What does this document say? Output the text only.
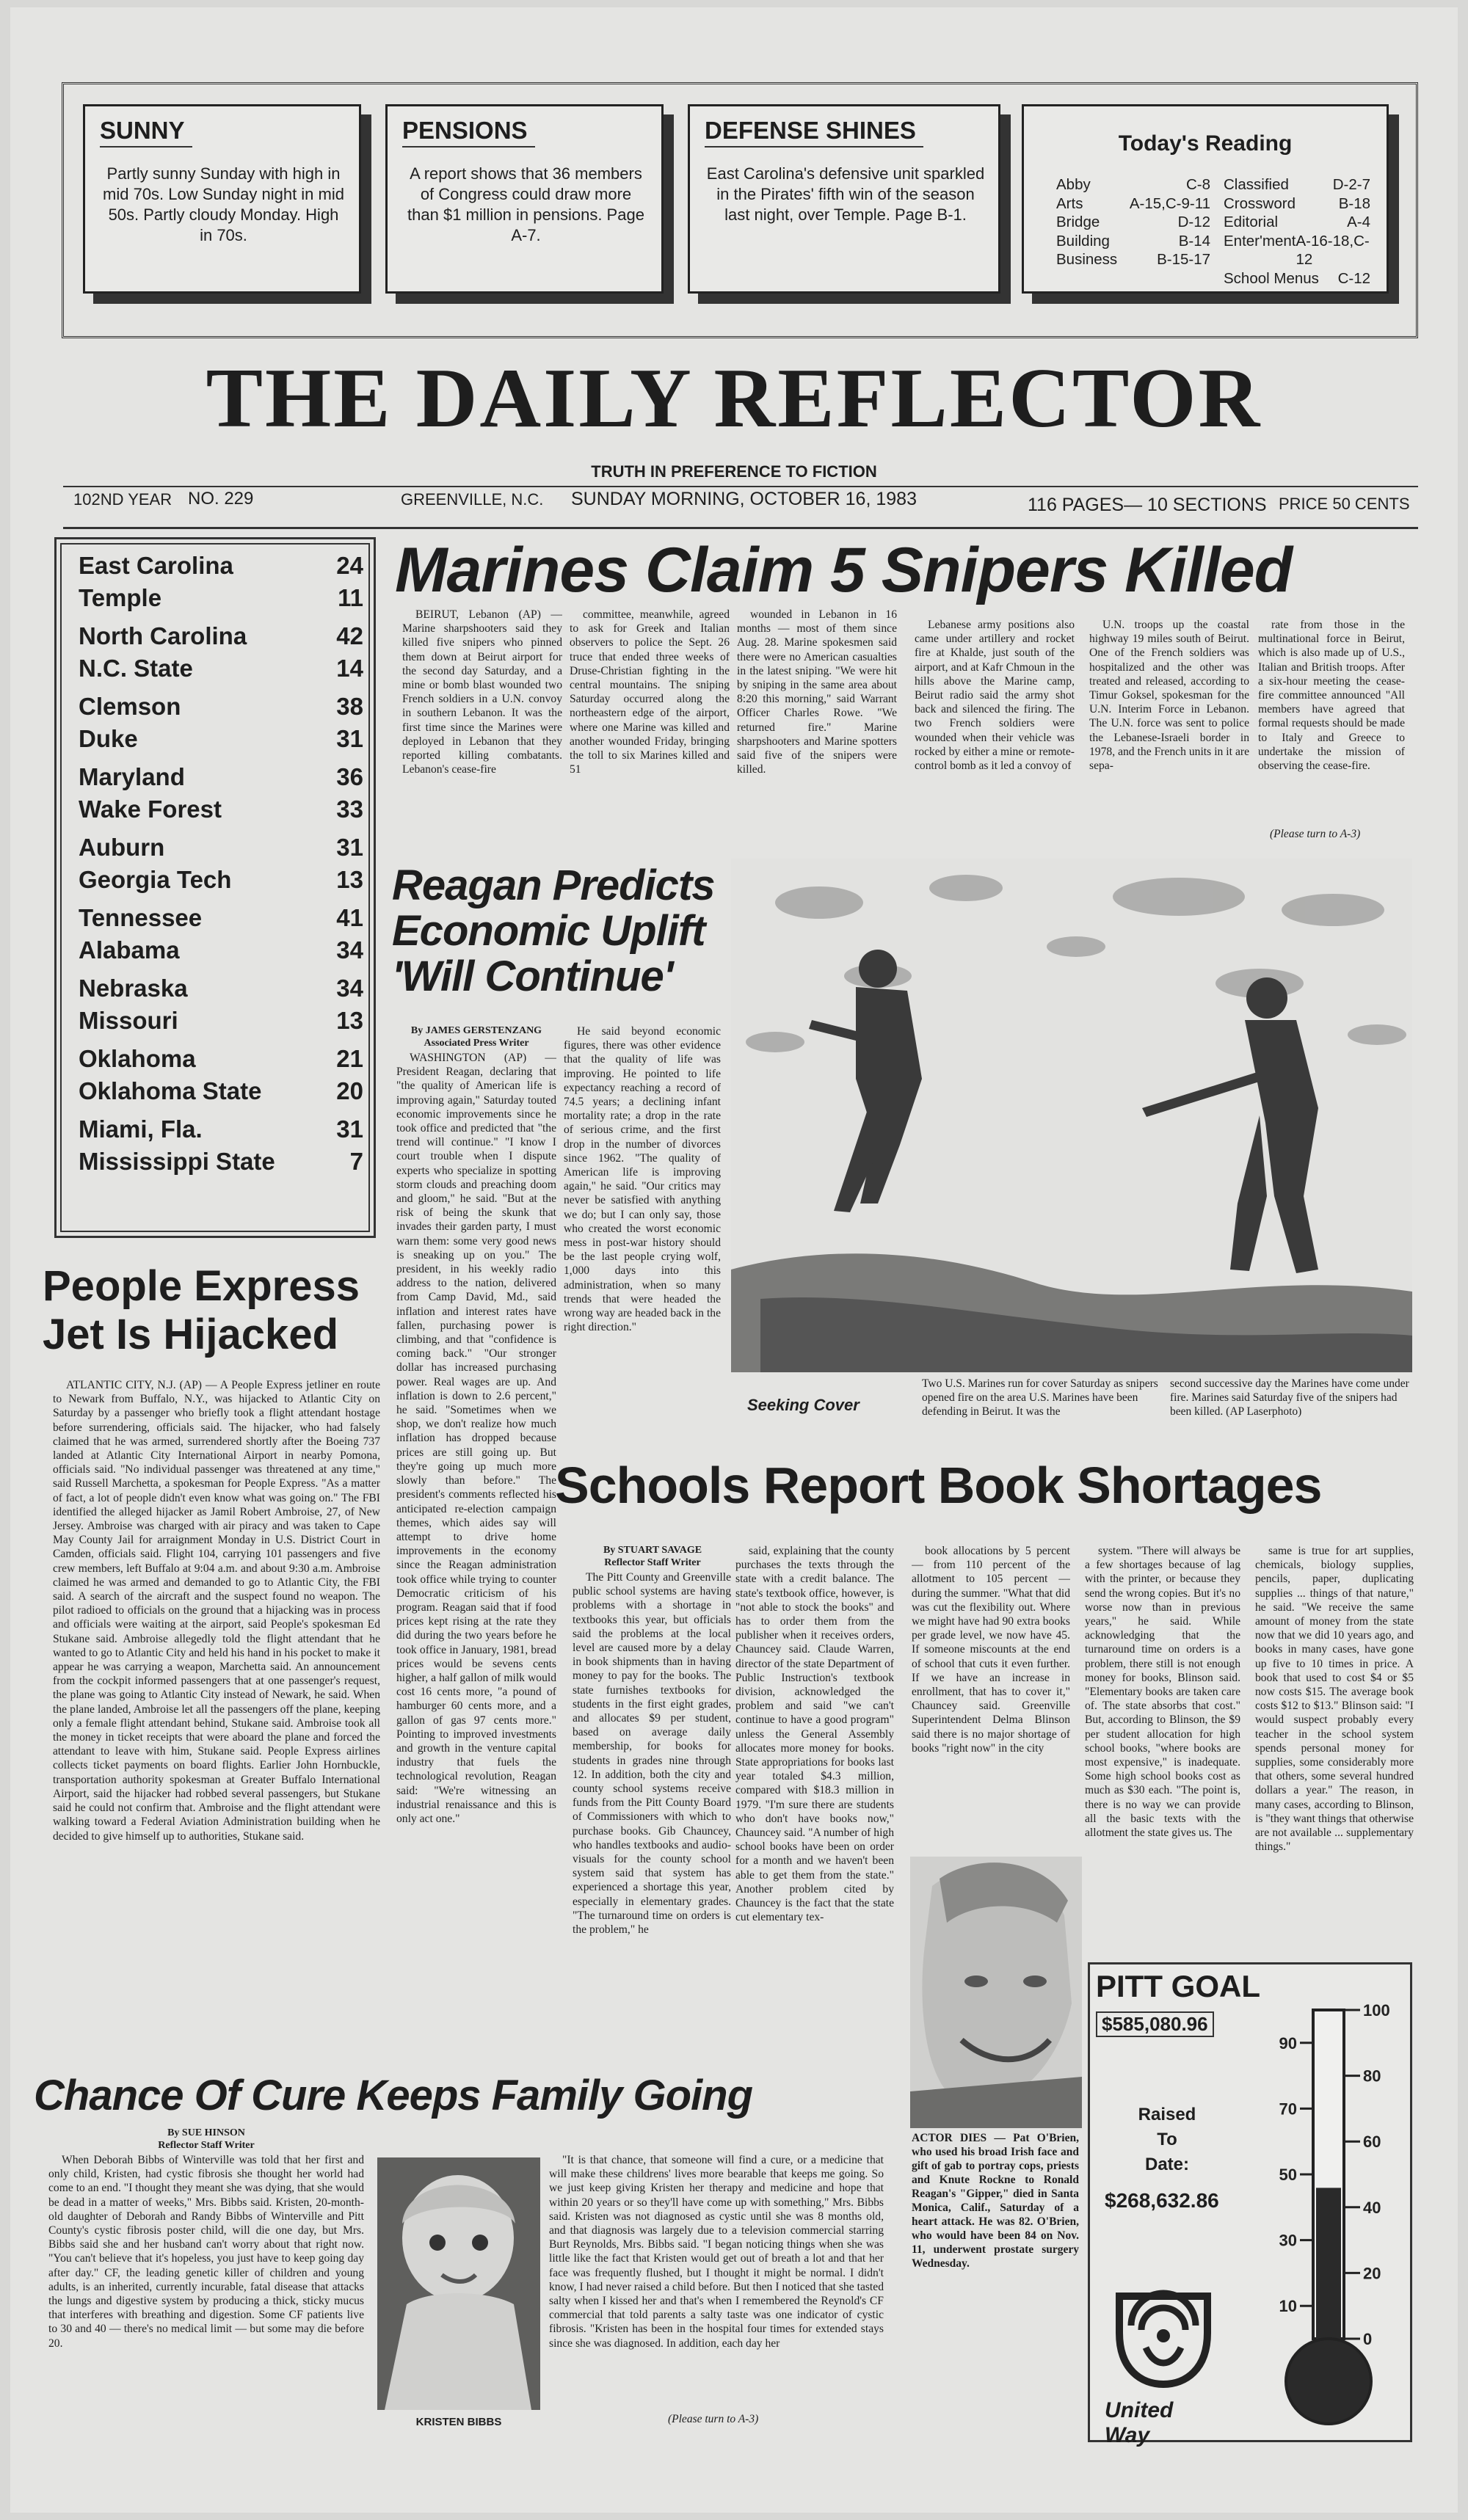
SUNNY
Partly sunny Sunday with high in mid 70s. Low Sunday night in mid 50s. Partly cloudy Monday. High in 70s.
PENSIONS
A report shows that 36 members of Congress could draw more than $1 million in pensions. Page A-7.
DEFENSE SHINES
East Carolina's defensive unit sparkled in the Pirates' fifth win of the season last night, over Temple. Page B-1.
Today's Reading
Abby	C-8
Arts	A-15,C-9-11
Bridge	D-12
Building	B-14
Business	B-15-17
Classified	D-2-7
Crossword	B-18
Editorial	A-4
Enter'ment A-16-18,C-12
School Menus C-12
THE DAILY REFLECTOR
TRUTH IN PREFERENCE TO FICTION
102ND YEAR NO. 229	GREENVILLE, N.C. SUNDAY MORNING, OCTOBER 16, 1983	116 PAGES— 10 SECTIONS PRICE 50 CENTS
East Carolina	24
Temple	11
North Carolina	42
N.C. State	14
Clemson	38
Duke	31
Maryland	36
Wake Forest	33
Auburn	31
Georgia Tech	13
Tennessee	41
Alabama	34
Nebraska	34
Missouri	13
Oklahoma	21
Oklahoma State	20
Miami, Fla.	31
Mississippi State	7
Marines Claim 5 Snipers Killed
BEIRUT, Lebanon (AP) — Marine sharpshooters said they killed five snipers who pinned them down at Beirut airport for the second day Saturday, and a mine or bomb blast wounded two French soldiers in a U.N. convoy in southern Lebanon. It was the first time since the Marines were deployed in Lebanon that they reported killing combatants. Lebanon's cease-fire
committee, meanwhile, agreed to ask for Greek and Italian observers to police the Sept. 26 truce that ended three weeks of Druse-Christian fighting in the central mountains. The sniping Saturday occurred along the northeastern edge of the airport, where one Marine was killed and another wounded Friday, bringing the toll to six Marines killed and 51
wounded in Lebanon in 16 months — most of them since Aug. 28. Marine spokesmen said there were no American casualties in the latest sniping. "We were hit by sniping in the same area about 8:20 this morning," said Warrant Officer Charles Rowe. "We returned fire." Marine sharpshooters and Marine spotters said five of the snipers were killed.
Lebanese army positions also came under artillery and rocket fire at Khalde, just south of the airport, and at Kafr Chmoun in the hills above the Marine camp, Beirut radio said the army shot back and silenced the firing. The two French soldiers were wounded when their vehicle was rocked by either a mine or remote-control bomb as it led a convoy of
U.N. troops up the coastal highway 19 miles south of Beirut. One of the French soldiers was hospitalized and the other was treated and released, according to Timur Goksel, spokesman for the U.N. Interim Force in Lebanon. The U.N. force was sent to police the Lebanese-Israeli border in 1978, and the French units in it are sepa-
rate from those in the multinational force in Beirut, which is also made up of U.S., Italian and British troops. After a six-hour meeting the cease-fire committee announced "All members have agreed that formal requests should be made to Italy and Greece to undertake the mission of observing the cease-fire.
(Please turn to A-3)
Reagan Predicts
Economic Uplift
'Will Continue'
By JAMES GERSTENZANG
Associated Press Writer
WASHINGTON (AP) — President Reagan, declaring that "the quality of American life is improving again," Saturday touted economic improvements since he took office and predicted that "the trend will continue." "I know I court trouble when I dispute experts who specialize in spotting storm clouds and preaching doom and gloom," he said. "But at the risk of being the skunk that invades their garden party, I must warn them: some very good news is sneaking up on you." The president, in his weekly radio address to the nation, delivered from Camp David, Md., said inflation and interest rates have fallen, purchasing power is climbing, and that "confidence is coming back." "Our stronger dollar has increased purchasing power. Real wages are up. And inflation is down to 2.6 percent," he said. "Sometimes when we shop, we don't realize how much inflation has dropped because prices are still going up. But they're going up much more slowly than before." The president's comments reflected his anticipated re-election campaign themes, which aides say will attempt to drive home improvements in the economy since the Reagan administration took office while trying to counter Democratic criticism of his program. Reagan said that if food prices kept rising at the rate they did during the two years before he took office in January, 1981, bread prices would be sevens cents higher, a half gallon of milk would cost 16 cents more, "a pound of hamburger 60 cents more, and a gallon of gas 97 cents more." Pointing to improved investments and growth in the venture capital industry that fuels the technological revolution, Reagan said: "We're witnessing an industrial renaissance and this is only act one."
He said beyond economic figures, there was other evidence that the quality of life was improving. He pointed to life expectancy reaching a record of 74.5 years; a declining infant mortality rate; a drop in the rate of serious crime, and the first drop in the number of divorces since 1962. "The quality of American life is improving again," he said. "Our critics may never be satisfied with anything we do; but I can only say, those who created the worst economic mess in post-war history should be the last people crying wolf, 1,000 days into this administration, when so many trends that were headed the wrong way are headed back in the right direction."
Seeking Cover
Two U.S. Marines run for cover Saturday as snipers opened fire on the area U.S. Marines have been defending in Beirut. It was the
second successive day the Marines have come under fire. Marines said Saturday five of the snipers had been killed. (AP Laserphoto)
People Express
Jet Is Hijacked
ATLANTIC CITY, N.J. (AP) — A People Express jetliner en route to Newark from Buffalo, N.Y., was hijacked to Atlantic City on Saturday by a passenger who briefly took a flight attendant hostage before surrendering, officials said. The hijacker, who had falsely claimed that he was armed, surrendered shortly after the Boeing 737 landed at Atlantic City International Airport in nearby Pomona, officials said. "No individual passenger was threatened at any time," said Russell Marchetta, a spokesman for People Express. "As a matter of fact, a lot of people didn't even know what was going on." The FBI identified the alleged hijacker as Jamil Robert Ambroise, 27, of New Jersey. Ambroise was charged with air piracy and was taken to Cape May County Jail for arraignment Monday in U.S. District Court in Camden, officials said. Flight 104, carrying 101 passengers and five crew members, left Buffalo at 9:04 a.m. and about 9:30 a.m. Ambroise claimed he was armed and demanded to go to Atlantic City, the FBI said. A search of the aircraft and the suspect found no weapon. The pilot radioed to officials on the ground that a hijacking was in process and officials were waiting at the airport, said People's spokesman Ed Stukane said. Ambroise allegedly told the flight attendant that he wanted to go to Atlantic City and held his hand in his pocket to make it appear he was carrying a weapon, Marchetta said. An announcement from the cockpit informed passengers that at one passenger's request, the plane was going to Atlantic City instead of Newark, he said. When the plane landed, Ambroise let all the passengers off the plane, keeping only a female flight attendant behind, Stukane said. Ambroise took all the money in ticket receipts that were aboard the plane and forced the attendant to leave with him, Stukane said. People Express airlines collects ticket payments on board flights. Earlier John Hornbuckle, transportation authority spokesman at Greater Buffalo International Airport, said the hijacker had robbed several passengers, but Stukane said he could not confirm that. Ambroise and the flight attendant were walking toward a Federal Aviation Administration building when he decided to give himself up to authorities, Stukane said.
Schools Report Book Shortages
By STUART SAVAGE
Reflector Staff Writer
The Pitt County and Greenville public school systems are having problems with a shortage in textbooks this year, but officials said the problems at the local level are caused more by a delay in book shipments than in having money to pay for the books. The state furnishes textbooks for students in the first eight grades, and allocates $9 per student, based on average daily membership, for books for students in grades nine through 12. In addition, both the city and county school systems receive funds from the Pitt County Board of Commissioners with which to purchase books. Gib Chauncey, who handles textbooks and audio-visuals for the county school system said that system has experienced a shortage this year, especially in elementary grades. "The turnaround time on orders is the problem," he
said, explaining that the county purchases the texts through the state with a credit balance. The state's textbook office, however, is "not able to stock the books" and has to order them from the publisher when it receives orders, Chauncey said. Claude Warren, director of the state Department of Public Instruction's textbook division, acknowledged the problem and said "we can't continue to have a good program" unless the General Assembly allocates more money for books. State appropriations for books last year totaled $4.3 million, compared with $18.3 million in 1979. "I'm sure there are students who don't have books now," Chauncey said. "A number of high school books have been on order for a month and we haven't been able to get them from the state." Another problem cited by Chauncey is the fact that the state cut elementary tex-
book allocations by 5 percent — from 110 percent of the allotment to 105 percent — during the summer. "What that did was cut the flexibility out. Where we might have had 90 extra books per grade level, we now have 45. If someone miscounts at the end of school that cuts it even further. If we have an increase in enrollment, that has to cover it," Chauncey said. Greenville Superintendent Delma Blinson said there is no major shortage of books "right now" in the city
system. "There will always be a few shortages because of lag with the printer, or because they send the wrong copies. But it's no worse now than in previous years," he said. While acknowledging that the turnaround time on orders is a problem, there still is not enough money for books, Blinson said. "Elementary books are taken care of. The state absorbs that cost." But, according to Blinson, the $9 per student allocation for high school books, "where books are most expensive," is inadequate. Some high school books cost as much as $30 each. "The point is, there is no way we can provide all the basic texts with the allotment the state gives us. The
same is true for art supplies, chemicals, biology supplies, pencils, paper, duplicating supplies ... things of that nature," he said. "We receive the same amount of money from the state now that we did 10 years ago, and books in many cases, have gone up five to 10 times in price. A book that used to cost $4 or $5 now costs $15. The average book costs $12 to $13." Blinson said: "I would suspect probably every teacher in the school system spends personal money for supplies, some considerably more that others, some several hundred dollars a year." The reason, in many cases, according to Blinson, is "they want things that otherwise are not available ... supplementary things."
ACTOR DIES — Pat O'Brien, who used his broad Irish face and gift of gab to portray cops, priests and Knute Rockne to Ronald Reagan's "Gipper," died in Santa Monica, Calif., Saturday of a heart attack. He was 82. O'Brien, who would have been 84 on Nov. 11, underwent prostate surgery Wednesday.
PITT GOAL
$585,080.96
Raised
To
Date:
$268,632.86
United Way
100
80
60
40
20
0
90
70
50
30
10
Chance Of Cure Keeps Family Going
By SUE HINSON
Reflector Staff Writer
When Deborah Bibbs of Winterville was told that her first and only child, Kristen, had cystic fibrosis she thought her world had come to an end. "I thought they meant she was dying, that she would be dead in a matter of weeks," Mrs. Bibbs said. Kristen, 20-month-old daughter of Deborah and Randy Bibbs of Winterville and Pitt County's cystic fibrosis poster child, will die one day, but Mrs. Bibbs said she and her husband can't worry about that right now. "You can't believe that it's hopeless, you just have to keep going day after day." CF, the leading genetic killer of children and young adults, is an inherited, currently incurable, fatal disease that attacks the lungs and digestive system by producing a thick, sticky mucus that interferes with breathing and digestion. Some CF patients live to 30 and 40 — there's no medical limit — but some may die before 20.
KRISTEN BIBBS
"It is that chance, that someone will find a cure, or a medicine that will make these childrens' lives more bearable that keeps me going. So we just keep giving Kristen her therapy and medicine and hope that within 20 years or so they'll have come up with something," Mrs. Bibbs said. Kristen was not diagnosed as cystic until she was 8 months old, and that diagnosis was largely due to a television commercial starring Burt Reynolds, Mrs. Bibbs said. "I began noticing things when she was little like the fact that Kristen would get out of breath a lot and that her face was frequently flushed, but I thought it might be normal. I didn't know, I had never raised a child before. But then I noticed that she tasted salty when I kissed her and that's when I remembered the Reynold's CF commercial that told parents a salty taste was one indicator of cystic fibrosis. "Kristen has been in the hospital four times for extended stays since she was diagnosed. In addition, each day her
(Please turn to A-3)
